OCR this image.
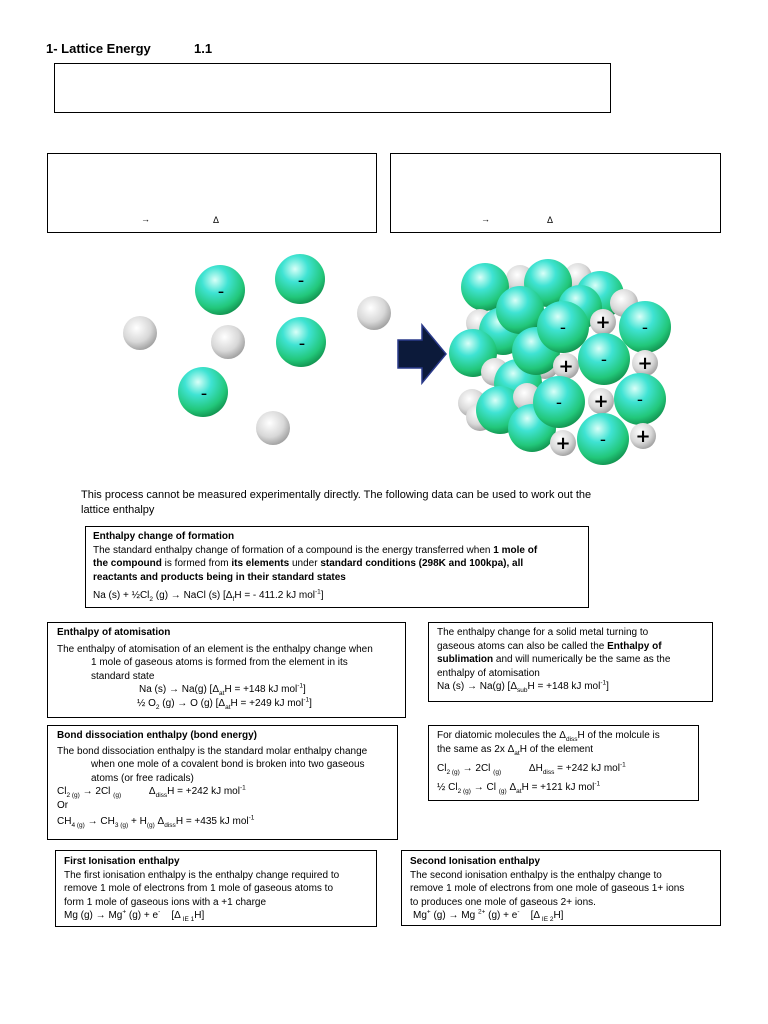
1- Lattice Energy	1.1
→	Δ	→	Δ
-
-
-
-
-	-
-
-	-
-
+
+	+
+
+	+
This process cannot be measured experimentally directly. The following data can be used to work out the
lattice enthalpy
Enthalpy change of formation
The standard enthalpy change of formation of a compound is the energy transferred when 1 mole of
the compound is formed from its elements under standard conditions (298K and 100kpa), all
reactants and products being in their standard states
Na $(s) + \frac{1}{2}Cl_2$ (g) → NaCl (s) [$\Delta_fH$ = - 411.2 kJ mol$^{-1}$]
Enthalpy of atomisation
The enthalpy of atomisation of an element is the enthalpy change when
1 mole of gaseous atoms is formed from the element in its
standard state
Na (s) → Na(g) [$\Delta_{at}H = +148$ kJ mol$^{-1}$]
½ $O_2$ (g) → O (g) [$\Delta_{at}H = +249$ kJ mol$^{-1}$]
The enthalpy change for a solid metal turning to
gaseous atoms can also be called the Enthalpy of
sublimation and will numerically be the same as the
enthalpy of atomisation
Na (s) → Na(g) [$\Delta_{sub}H = +148$ kJ mol$^{-1}$]
Bond dissociation enthalpy (bond energy)
The bond dissociation enthalpy is the standard molar enthalpy change
when one mole of a covalent bond is broken into two gaseous
atoms (or free radicals)
$Cl_{2 (g)} \to 2Cl$ $_{(g)}$          $\Delta_{diss}H = +242$ kJ mol$^{-1}$
Or
$CH_{4 (g)} \to CH_{3 (g)} + H_{(g)}$ $\Delta_{diss}H = +435$ kJ mol$^{-1}$
For diatomic molecules the $\Delta_{diss}H$ of the molcule is
the same as 2x $\Delta_{at}H$ of the element
$Cl_{2 (g)} \to 2Cl$ $_{(g)}$          $\Delta H_{diss} = +242$ kJ mol$^{-1}$
½ $Cl_{2 (g)} \to Cl$ $_{(g)}$ $\Delta_{at}H = +121$ kJ mol$^{-1}$
First Ionisation enthalpy
The first ionisation enthalpy is the enthalpy change required to
remove 1 mole of electrons from 1 mole of gaseous atoms to
form 1 mole of gaseous ions with a +1 charge
Mg (g) → Mg+ (g) + e-    [Δ $_{IE 1}$H]
Second Ionisation enthalpy
The second ionisation enthalpy is the enthalpy change to
remove 1 mole of electrons from one mole of gaseous 1+ ions
to produces one mole of gaseous 2+ ions.
Mg+ (g) → Mg $^{2+}$ (g) + e-    [Δ $_{IE 2}$H]
